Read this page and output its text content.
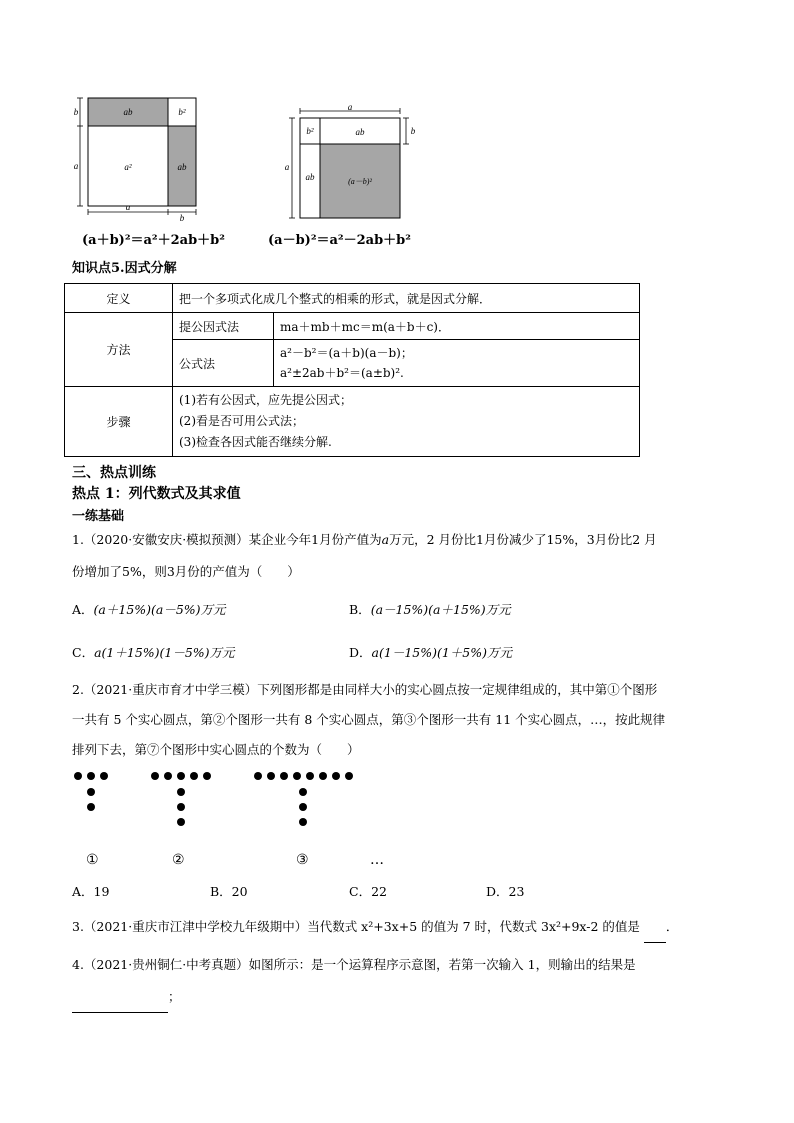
ab	b²
a²	ab
b
a
a
b
(a＋b)²＝a²＋2ab＋b²
a
b²	ab	b
a
ab	(a－b)²
(a－b)²＝a²－2ab＋b²
知识点5.因式分解
定义	把一个多项式化成几个整式的相乘的形式，就是因式分解．	
方法	提公因式法	ma＋mb＋mc＝m(a＋b＋c)．
	公式法	a²－b²＝(a＋b)(a－b)；
a²±2ab＋b²＝(a±b)².

步骤	(1)若有公因式，应先提公因式；
(2)看是否可用公式法；
(3)检查各因式能否继续分解.	
三、热点训练
热点 1：列代数式及其求值
一练基础
1.（2020·安徽安庆·模拟预测）某企业今年1月份产值为a万元，2 月份比1月份减少了15%，3月份比2 月
份增加了5%，则3月份的产值为（　　）
A．(a＋15%)(a－5%)万元	B．(a－15%)(a＋15%)万元
C．a(1＋15%)(1－5%)万元	D．a(1－15%)(1＋5%)万元
2.（2021·重庆市育才中学三模）下列图形都是由同样大小的实心圆点按一定规律组成的，其中第①个图形
一共有 5 个实心圆点，第②个图形一共有 8 个实心圆点，第③个图形一共有 11 个实心圆点，…，按此规律
排列下去，第⑦个图形中实心圆点的个数为（　　）
①	②	③	…
A．19	B．20	C．22	D．23
3.（2021·重庆市江津中学校九年级期中）当代数式 x²+3x+5 的值为 7 时，代数式 3x²+9x-2 的值是 ．
4.（2021·贵州铜仁·中考真题）如图所示：是一个运算程序示意图，若第一次输入 1，则输出的结果是
；
